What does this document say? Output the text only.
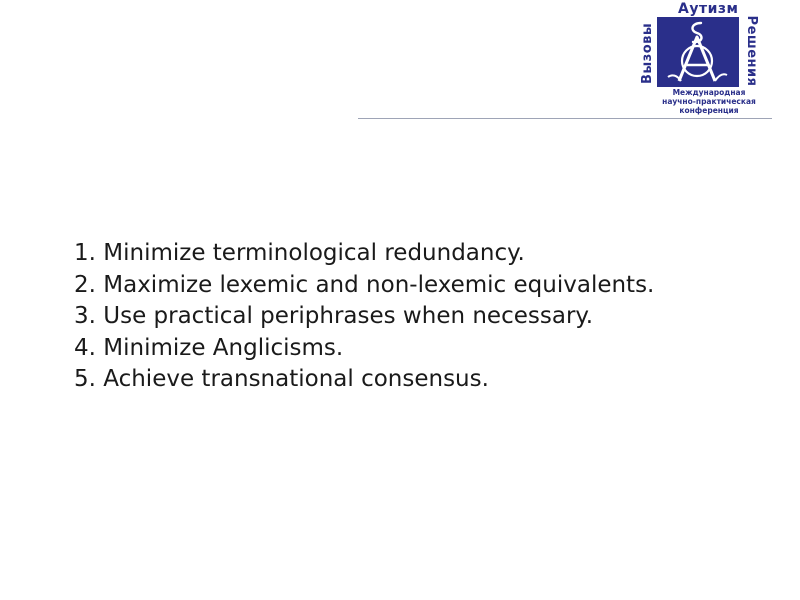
Аутизм
Вызовы	Решения
Международная
научно-практическая
конференция
1. Minimize terminological redundancy.
2. Maximize lexemic and non-lexemic equivalents.
3. Use practical periphrases when necessary.
4. Minimize Anglicisms.
5. Achieve transnational consensus.
